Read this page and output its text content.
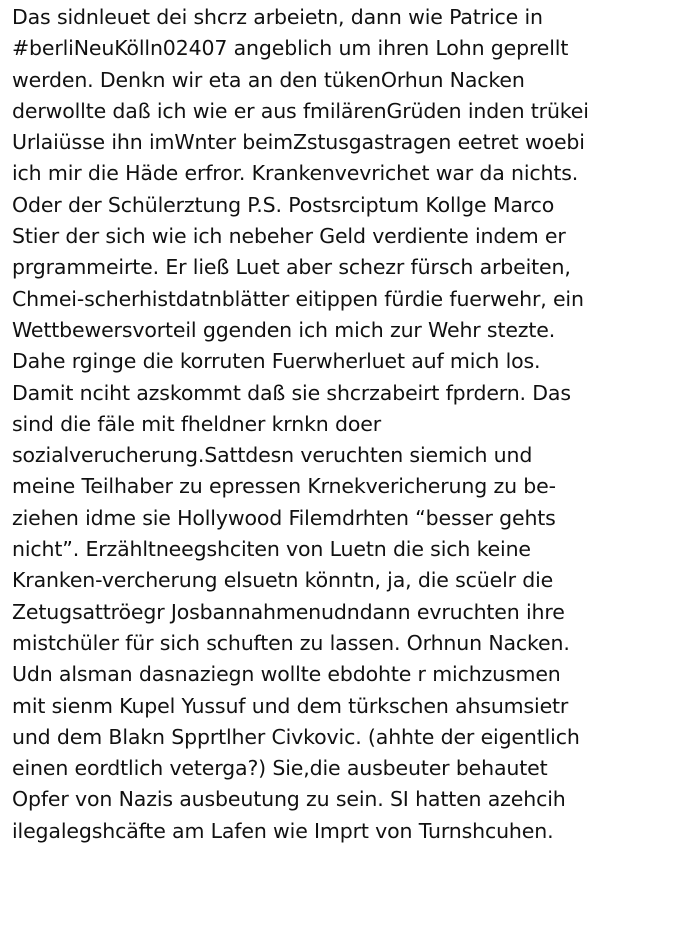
Das sidnleuet dei shcrz arbeietn, dann wie Patrice in
#berliNeuKölln02407 angeblich um ihren Lohn geprellt
werden. Denkn wir eta an den tükenOrhun Nacken
derwollte daß ich wie er aus fmilärenGrüden inden trükei
Urlaiüsse ihn imWnter beimZstusgastragen eetret woebi
ich mir die Häde erfror. Krankenvevrichet war da nichts.
Oder der Schülerztung P.S. Postsrciptum Kollge Marco
Stier der sich wie ich nebeher Geld verdiente indem er
prgrammeirte. Er ließ Luet aber schezr fürsch arbeiten,
Chmei-scherhistdatnblätter eitippen fürdie fuerwehr, ein
Wettbewersvorteil ggenden ich mich zur Wehr stezte.
Dahe rginge die korruten Fuerwherluet auf mich los.
Damit nciht azskommt daß sie shcrzabeirt fprdern. Das
sind die fäle mit fheldner krnkn doer
sozialverucherung.Sattdesn veruchten siemich und
meine Teilhaber zu epressen Krnekvericherung zu be-
ziehen idme sie Hollywood Filemdrhten “besser gehts
nicht”. Erzähltneegshciten von Luetn die sich keine
Kranken-vercherung elsuetn könntn, ja, die scüelr die
Zetugsattröegr Josbannahmenudndann evruchten ihre
mistchüler für sich schuften zu lassen. Orhnun Nacken.
Udn alsman dasnaziegn wollte ebdohte r michzusmen
mit sienm Kupel Yussuf und dem türkschen ahsumsietr
und dem Blakn Spprtlher Civkovic. (ahhte der eigentlich
einen eordtlich veterga?) Sie,die ausbeuter behautet
Opfer von Nazis ausbeutung zu sein. SI hatten azehcih
ilegalegshcäfte am Lafen wie Imprt von Turnshcuhen.
